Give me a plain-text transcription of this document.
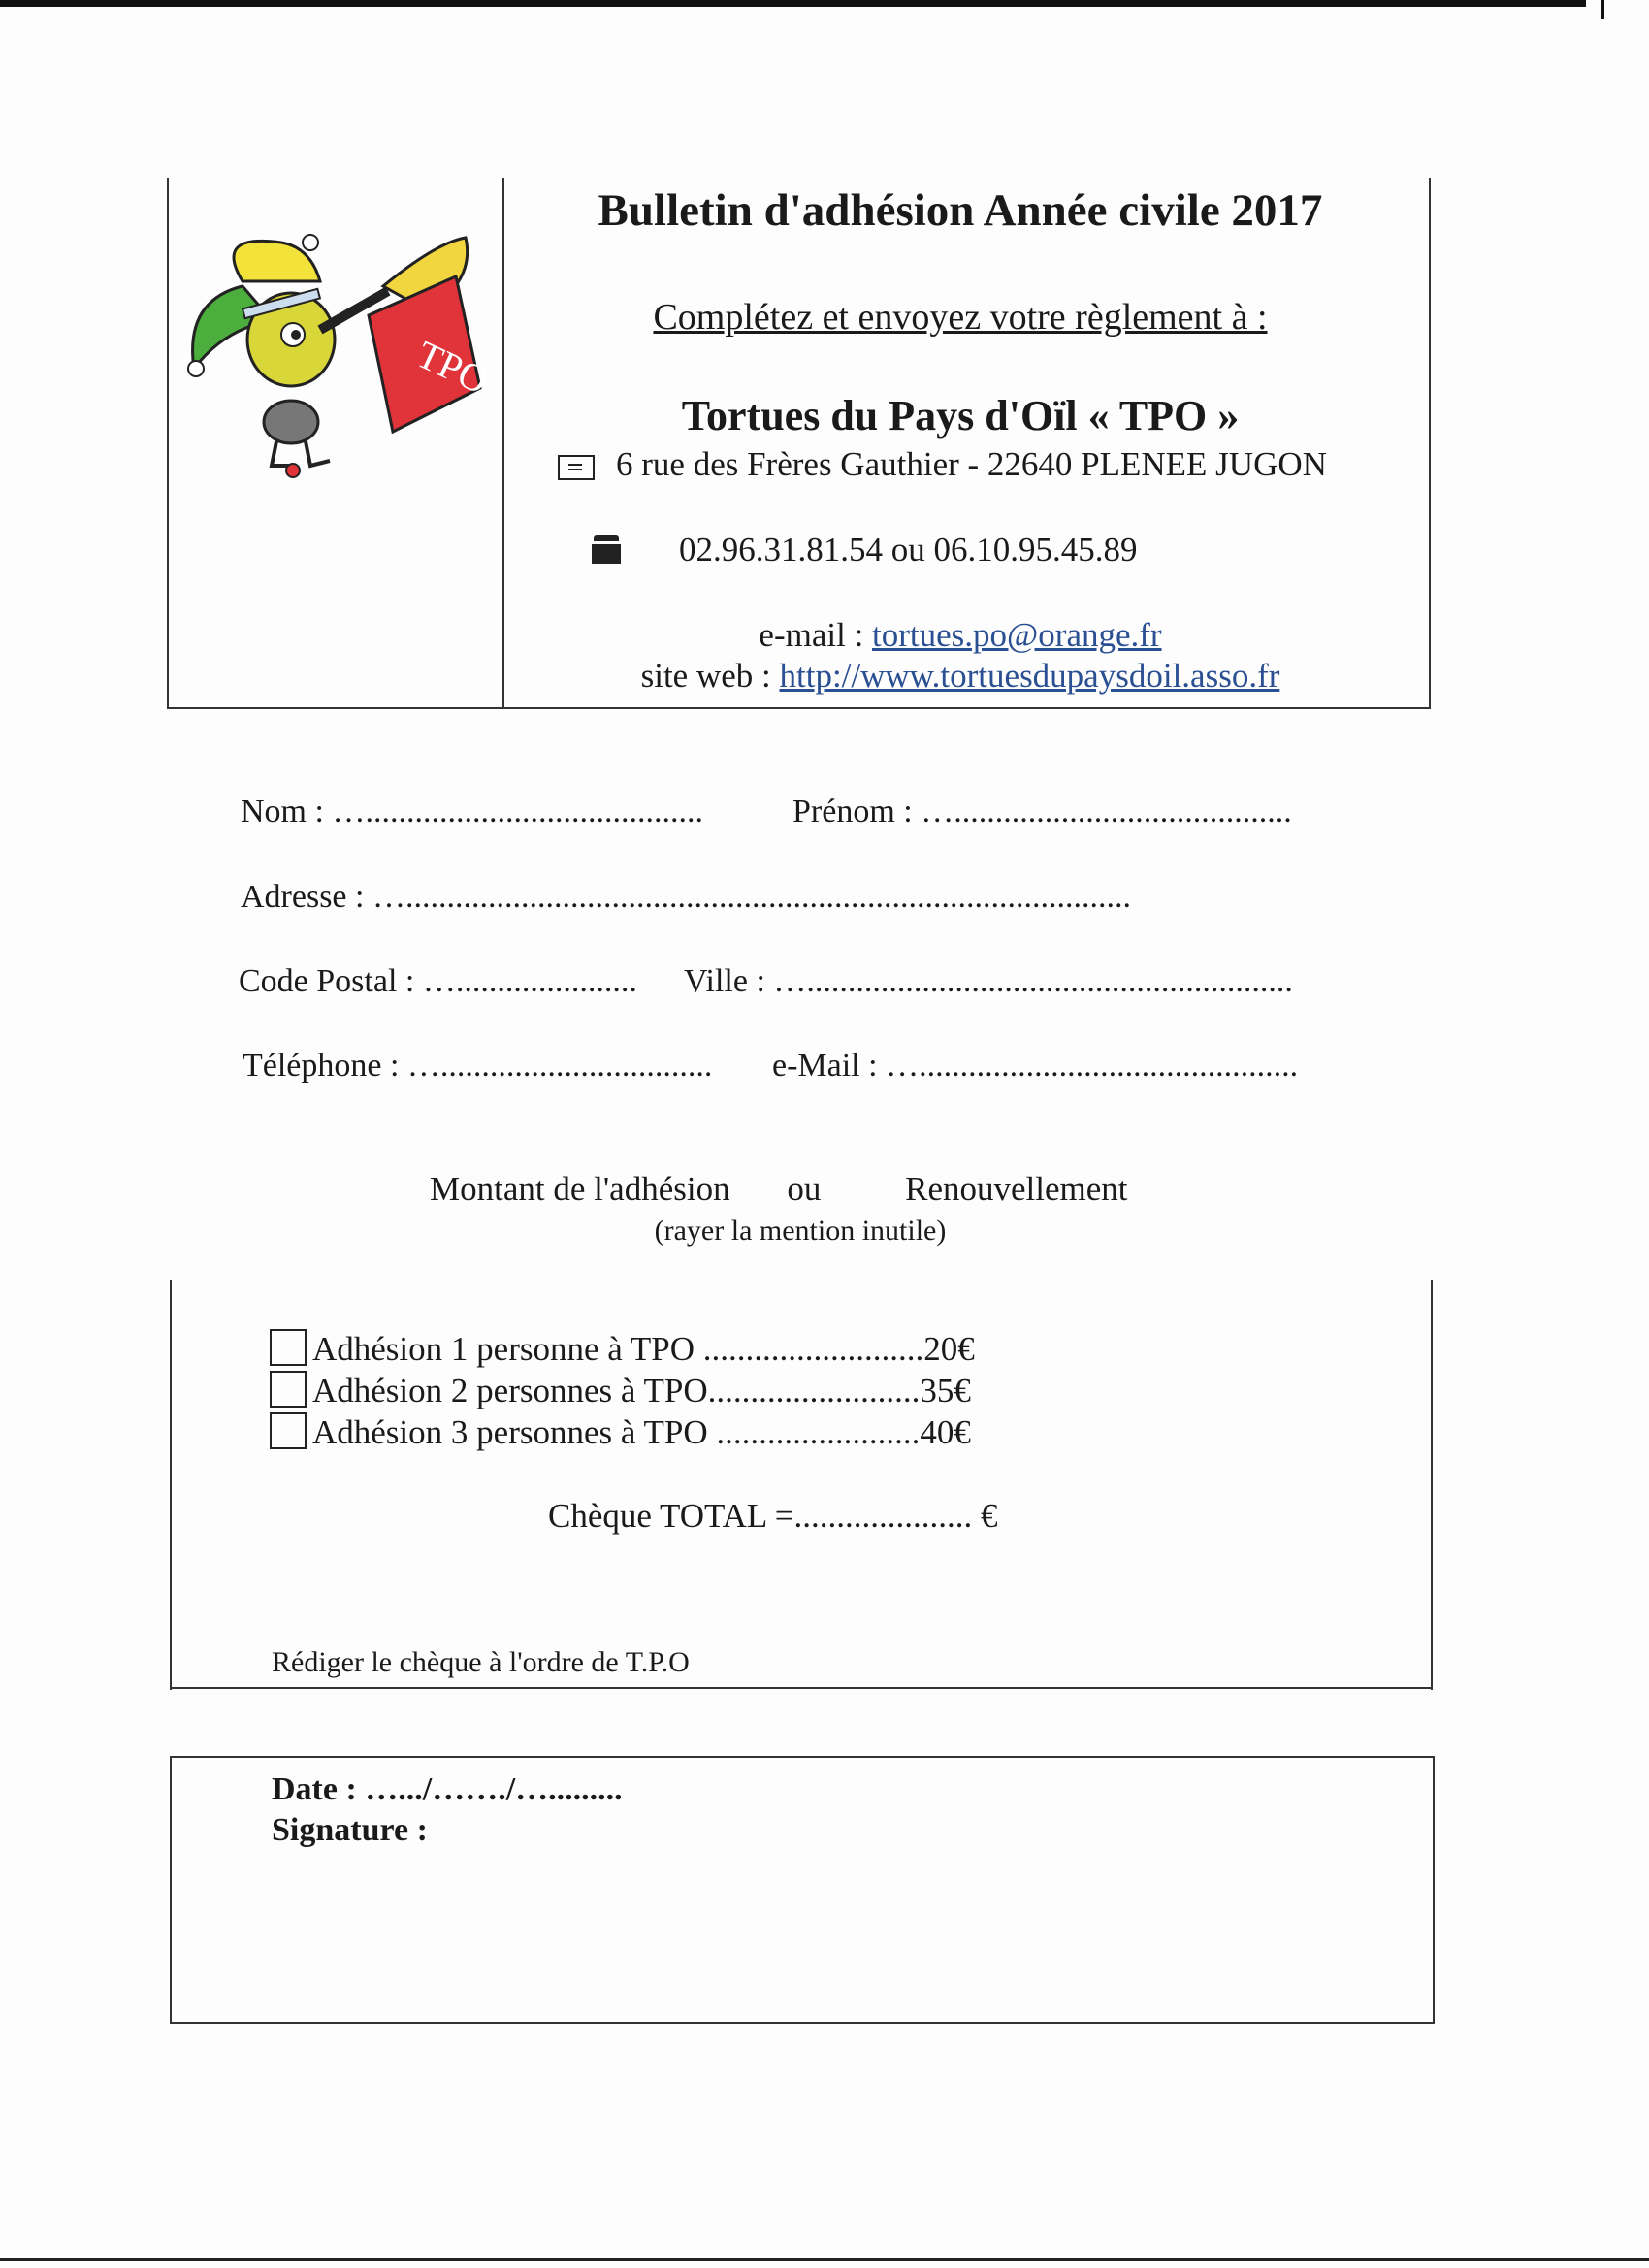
TPO
Bulletin d'adhésion Année civile 2017
Complétez et envoyez votre règlement à :
Tortues du Pays d'Oïl « TPO »
6 rue des Frères Gauthier - 22640 PLENEE JUGON
02.96.31.81.54 ou 06.10.95.45.89
e-mail : tortues.po@orange.fr
site web : http://www.tortuesdupaysdoil.asso.fr
Nom : ….........................................	Prénom : ….........................................
Adresse : …........................................................................................
Code Postal : …...................... Ville : …...........................................................
Téléphone : …................................. e-Mail : …..............................................
Montant de l'adhésion ou Renouvellement
(rayer la mention inutile)
Adhésion 1 personne à TPO ..........................20€
Adhésion 2 personnes à TPO.........................35€
Adhésion 3 personnes à TPO ........................40€
Chèque TOTAL =..................... €
Rédiger le chèque à l'ordre de T.P.O
Date : ….../……./….........
Signature :
